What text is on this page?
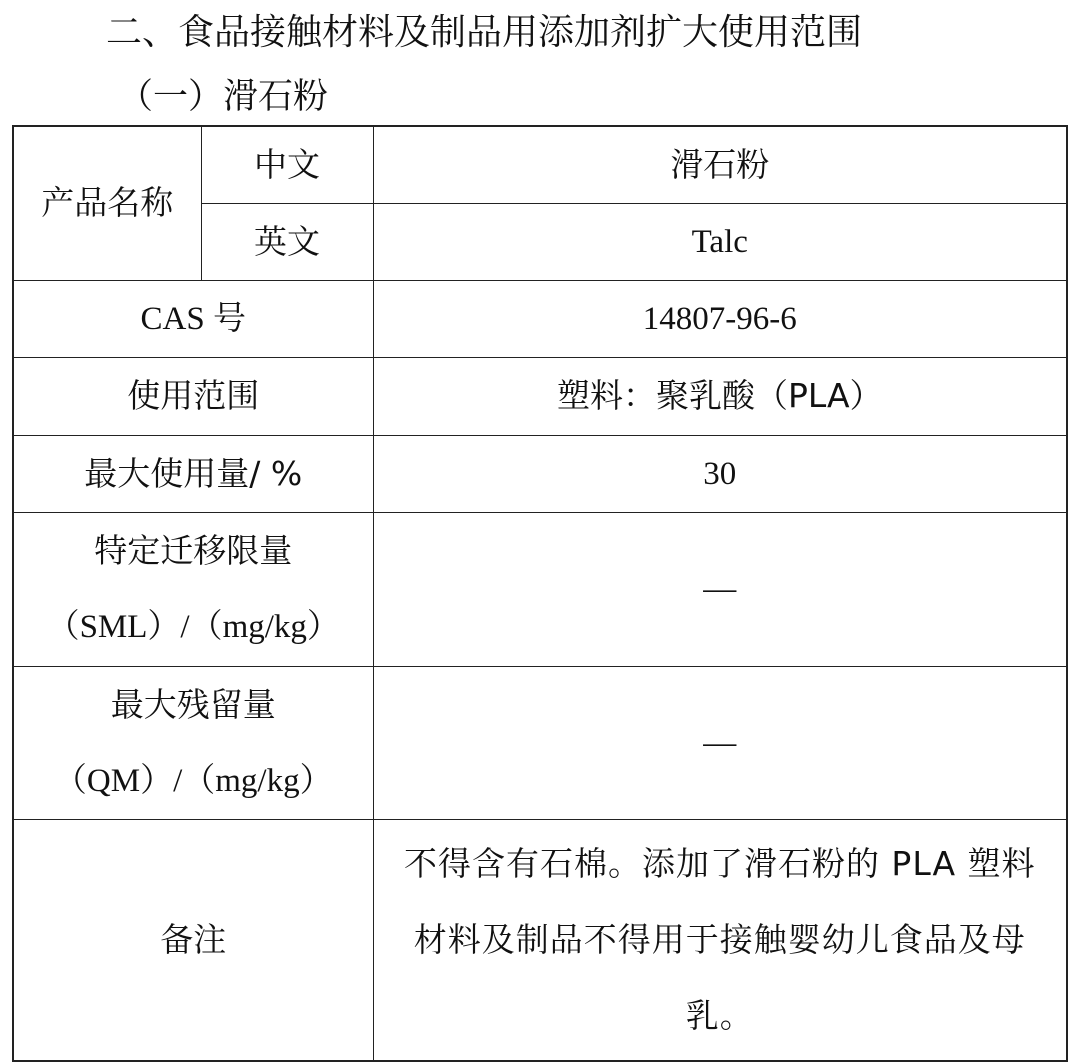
二、食品接触材料及制品用添加剂扩大使用范围
（一）滑石粉
产品名称	中文	滑石粉
	英文	Talc
CAS 号		14807-96-6
使用范围		塑料：聚乳酸（PLA）
最大使用量/ %		30

特定迁移限量
（SML）/（mg/kg）		—

最大残留量
（QM）/（mg/kg）		—
备注		不得含有石棉。添加了滑石粉的 PLA 塑料材料及制品不得用于接触婴幼儿食品及母乳。
